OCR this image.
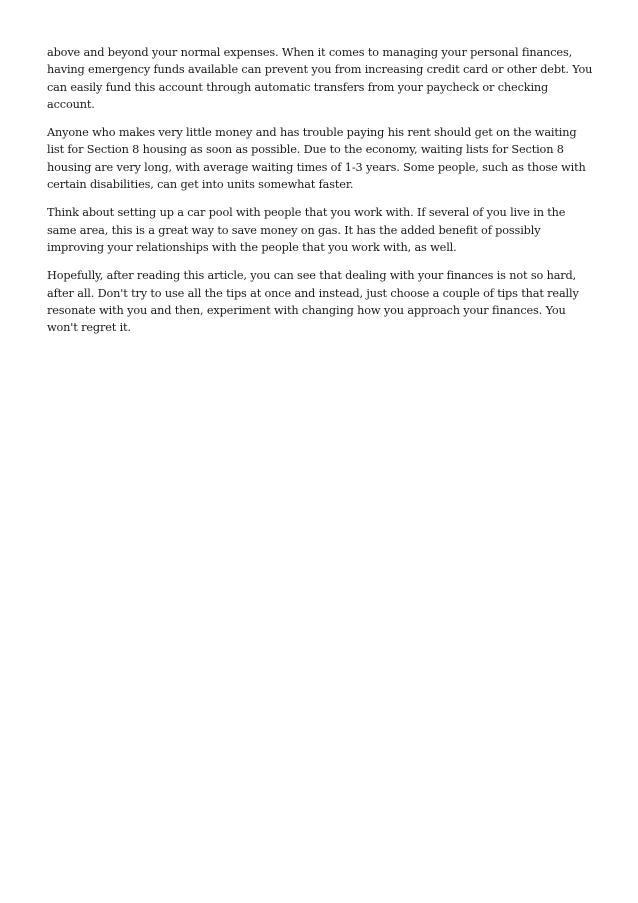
above and beyond your normal expenses. When it comes to managing your personal finances, having emergency funds available can prevent you from increasing credit card or other debt. You can easily fund this account through automatic transfers from your paycheck or checking account.

Anyone who makes very little money and has trouble paying his rent should get on the waiting list for Section 8 housing as soon as possible. Due to the economy, waiting lists for Section 8 housing are very long, with average waiting times of 1-3 years. Some people, such as those with certain disabilities, can get into units somewhat faster.

Think about setting up a car pool with people that you work with. If several of you live in the same area, this is a great way to save money on gas. It has the added benefit of possibly improving your relationships with the people that you work with, as well.

Hopefully, after reading this article, you can see that dealing with your finances is not so hard, after all. Don't try to use all the tips at once and instead, just choose a couple of tips that really resonate with you and then, experiment with changing how you approach your finances. You won't regret it.
